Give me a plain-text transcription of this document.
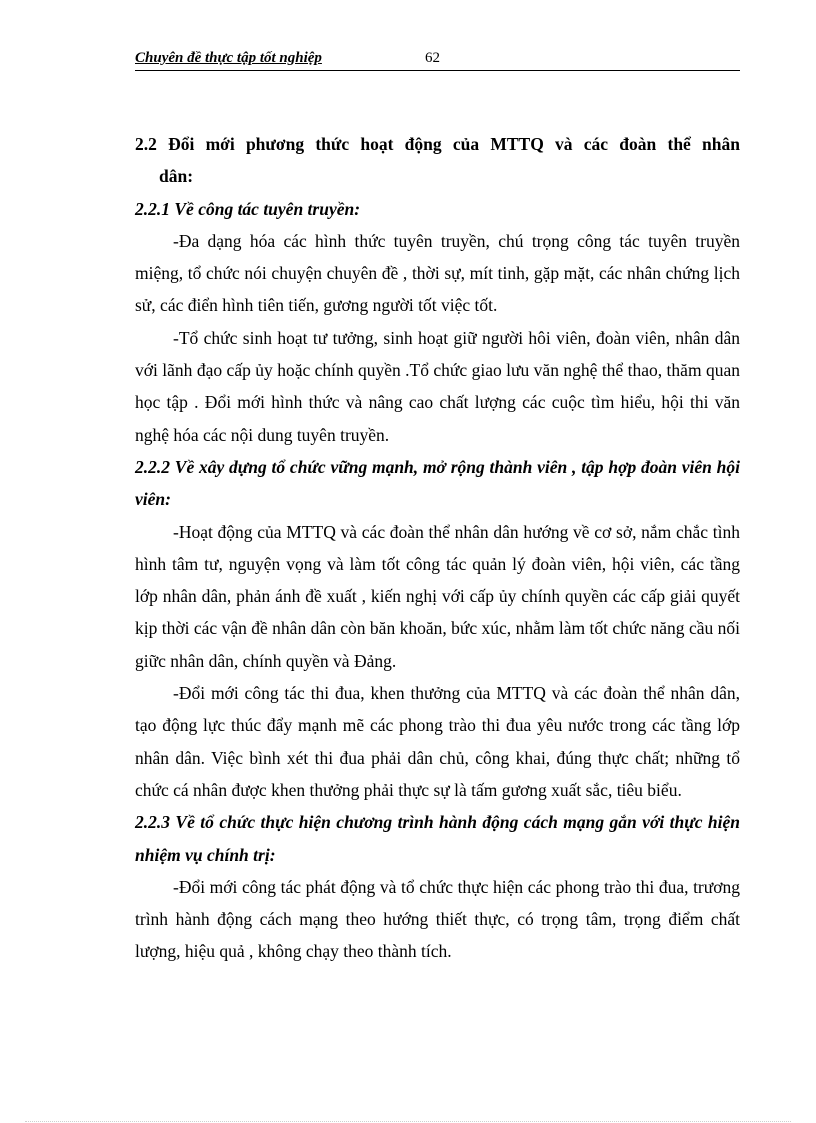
Chuyên đề thực tập tốt nghiệp	62
2.2 Đổi mới phương thức hoạt động của MTTQ và các đoàn thể nhân
dân:
2.2.1 Về công tác tuyên truyền:

-Đa dạng hóa các hình thức tuyên truyền, chú trọng công tác tuyên truyền miệng, tổ chức nói chuyện chuyên đề , thời sự, mít tinh, gặp mặt, các nhân chứng lịch sử, các điển hình tiên tiến, gương người tốt việc tốt.

-Tổ chức sinh hoạt tư tưởng, sinh hoạt giữ người hôi viên, đoàn viên, nhân dân với lãnh đạo cấp ủy hoặc chính quyền .Tổ chức giao lưu văn nghệ thể thao, thăm quan học tập . Đổi mới hình thức và nâng cao chất lượng các cuộc tìm hiểu, hội thi văn nghệ hóa các nội dung tuyên truyền.

2.2.2 Về xây dựng tổ chức vững mạnh, mở rộng thành viên , tập hợp đoàn viên hội viên:

-Hoạt động của MTTQ và các đoàn thể nhân dân hướng về cơ sở, nắm chắc tình hình tâm tư, nguyện vọng và làm tốt công tác quản lý đoàn viên, hội viên, các tầng lớp nhân dân, phản ánh đề xuất , kiến nghị với cấp ủy chính quyền các cấp giải quyết kịp thời các vận đề nhân dân còn băn khoăn, bức xúc, nhằm làm tốt chức năng cầu nối giữc nhân dân, chính quyền và Đảng.

-Đổi mới công tác thi đua, khen thưởng của MTTQ và các đoàn thể nhân dân, tạo động lực thúc đẩy mạnh mẽ các phong trào thi đua yêu nước trong các tầng lớp nhân dân. Việc bình xét thi đua phải dân chủ, công khai, đúng thực chất; những tổ chức cá nhân được khen thưởng phải thực sự là tấm gương xuất sắc, tiêu biểu.

2.2.3 Về tổ chức thực hiện chương trình hành động cách mạng gắn với thực hiện nhiệm vụ chính trị:

-Đổi mới công tác phát động và tổ chức thực hiện các phong trào thi đua, trương trình hành động cách mạng theo hướng thiết thực, có trọng tâm, trọng điểm chất lượng, hiệu quả , không chạy theo thành tích.
